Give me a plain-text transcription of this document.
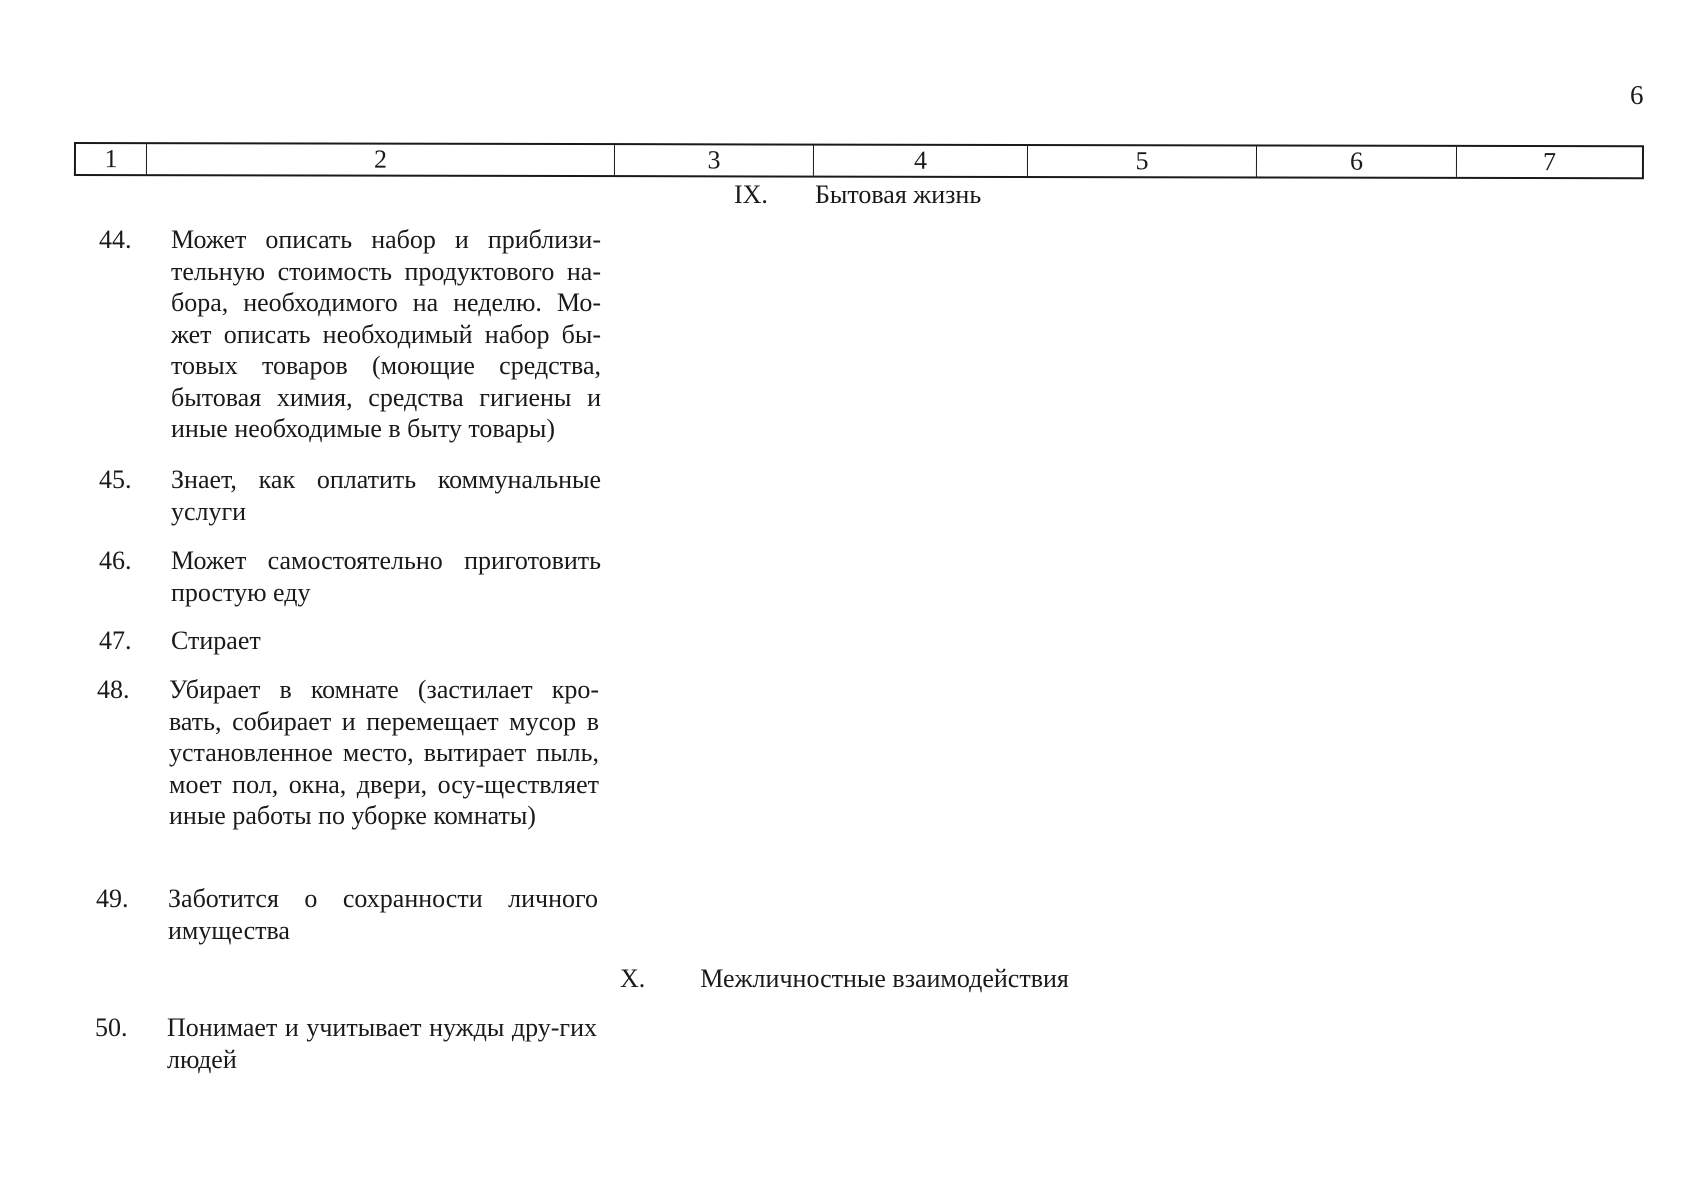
6
1	2	3	4	5	6	7
IX. Бытовая жизнь
44. Может описать набор и приблизи-тельную стоимость продуктового на-бора, необходимого на неделю. Мо-жет описать необходимый набор бы-товых товаров (моющие средства, бытовая химия, средства гигиены и иные необходимые в быту товары)
45. Знает, как оплатить коммунальные услуги
46. Может самостоятельно приготовить простую еду
47. Стирает
48. Убирает в комнате (застилает кро-вать, собирает и перемещает мусор в установленное место, вытирает пыль, моет пол, окна, двери, осу-ществляет иные работы по уборке комнаты)
49. Заботится о сохранности личного имущества
X. Межличностные взаимодействия
50. Понимает и учитывает нужды дру-гих людей
